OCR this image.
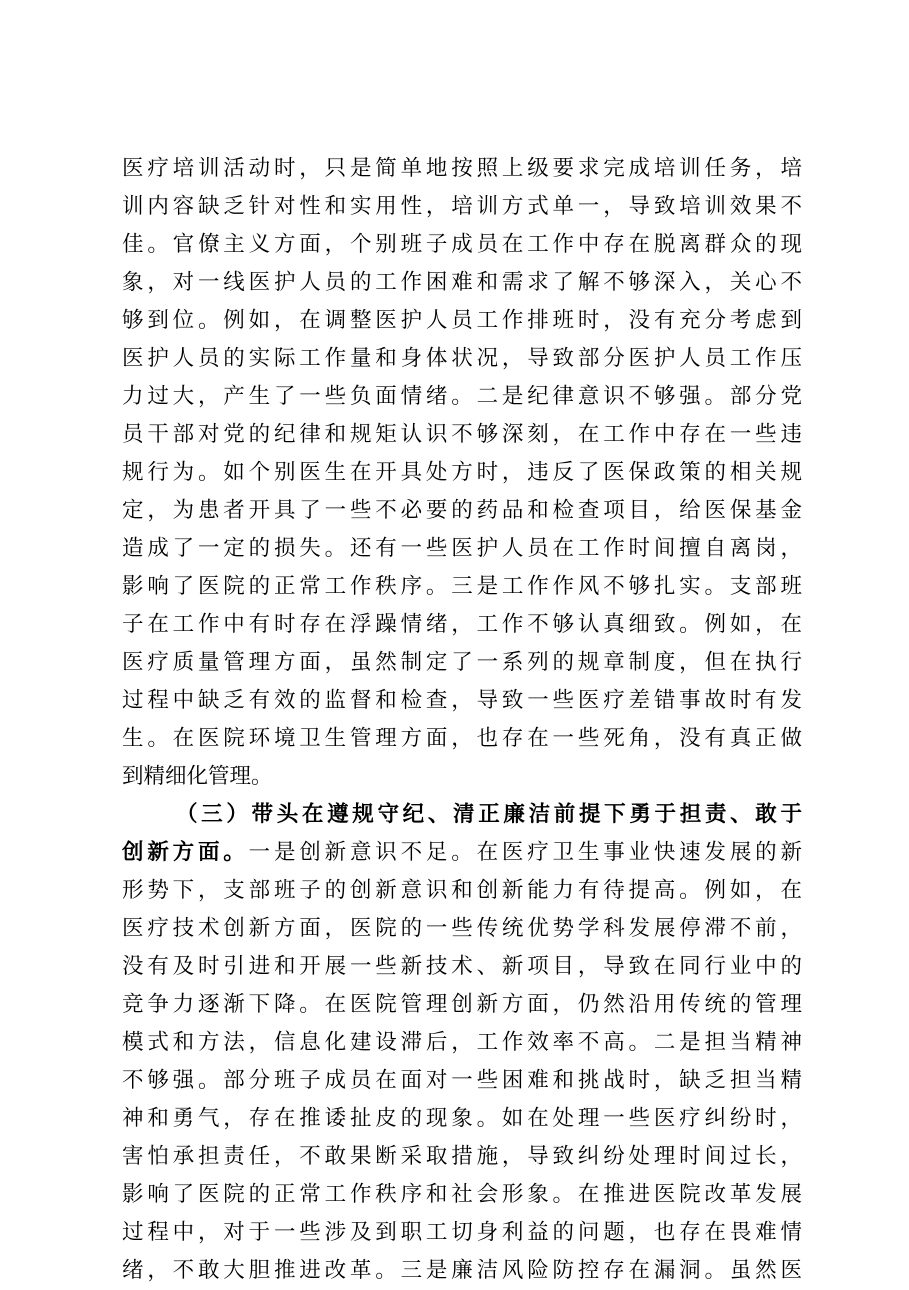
医疗培训活动时，只是简单地按照上级要求完成培训任务，培
训内容缺乏针对性和实用性，培训方式单一，导致培训效果不
佳。官僚主义方面，个别班子成员在工作中存在脱离群众的现
象，对一线医护人员的工作困难和需求了解不够深入，关心不
够到位。例如，在调整医护人员工作排班时，没有充分考虑到
医护人员的实际工作量和身体状况，导致部分医护人员工作压
力过大，产生了一些负面情绪。二是纪律意识不够强。部分党
员干部对党的纪律和规矩认识不够深刻，在工作中存在一些违
规行为。如个别医生在开具处方时，违反了医保政策的相关规
定，为患者开具了一些不必要的药品和检查项目，给医保基金
造成了一定的损失。还有一些医护人员在工作时间擅自离岗，
影响了医院的正常工作秩序。三是工作作风不够扎实。支部班
子在工作中有时存在浮躁情绪，工作不够认真细致。例如，在
医疗质量管理方面，虽然制定了一系列的规章制度，但在执行
过程中缺乏有效的监督和检查，导致一些医疗差错事故时有发
生。在医院环境卫生管理方面，也存在一些死角，没有真正做
到精细化管理。
（三）带头在遵规守纪、清正廉洁前提下勇于担责、敢于
创新方面。一是创新意识不足。在医疗卫生事业快速发展的新
形势下，支部班子的创新意识和创新能力有待提高。例如，在
医疗技术创新方面，医院的一些传统优势学科发展停滞不前，
没有及时引进和开展一些新技术、新项目，导致在同行业中的
竞争力逐渐下降。在医院管理创新方面，仍然沿用传统的管理
模式和方法，信息化建设滞后，工作效率不高。二是担当精神
不够强。部分班子成员在面对一些困难和挑战时，缺乏担当精
神和勇气，存在推诿扯皮的现象。如在处理一些医疗纠纷时，
害怕承担责任，不敢果断采取措施，导致纠纷处理时间过长，
影响了医院的正常工作秩序和社会形象。在推进医院改革发展
过程中，对于一些涉及到职工切身利益的问题，也存在畏难情
绪，不敢大胆推进改革。三是廉洁风险防控存在漏洞。虽然医
